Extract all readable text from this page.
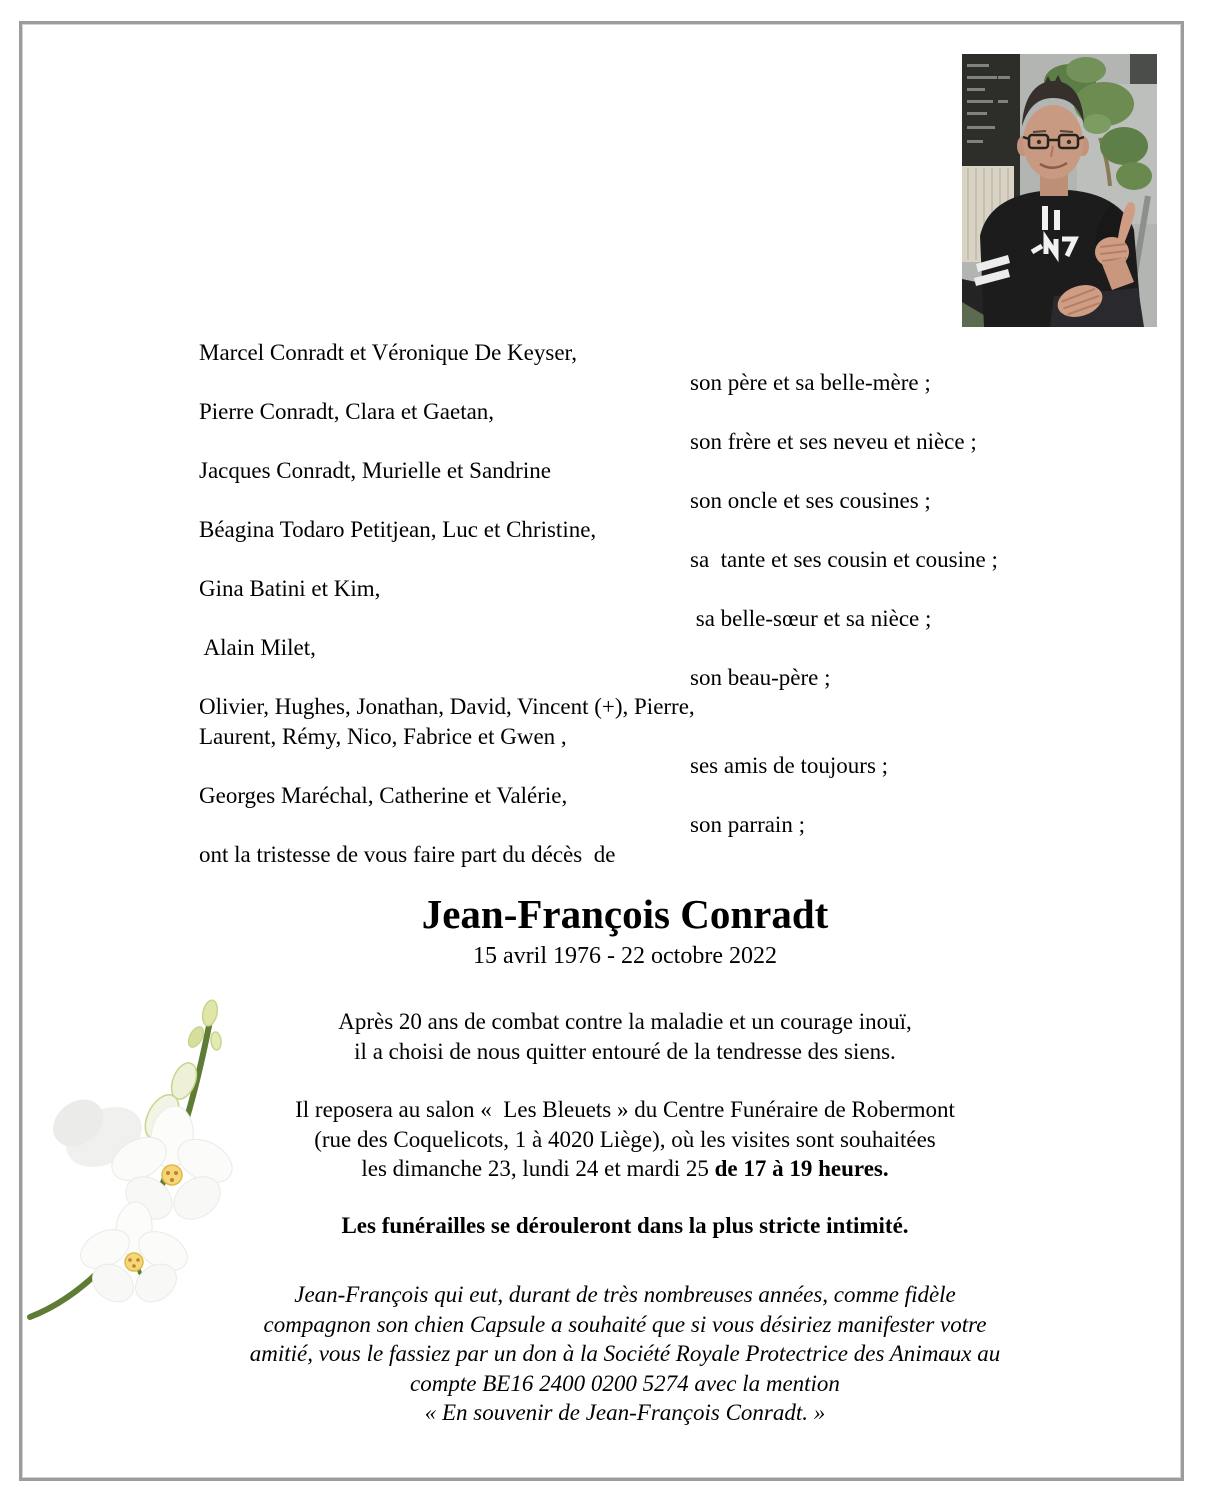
Marcel Conradt et Véronique De Keyser,
son père et sa belle-mère ;
Pierre Conradt, Clara et Gaetan,
son frère et ses neveu et nièce ;
Jacques Conradt, Murielle et Sandrine
son oncle et ses cousines ;
Béagina Todaro Petitjean, Luc et Christine,
sa  tante et ses cousin et cousine ;
Gina Batini et Kim,
sa belle-sœur et sa nièce ;
Alain Milet,
son beau-père ;
Olivier, Hughes, Jonathan, David, Vincent (+), Pierre,
Laurent, Rémy, Nico, Fabrice et Gwen ,
ses amis de toujours ;
Georges Maréchal, Catherine et Valérie,
son parrain ;
ont la tristesse de vous faire part du décès  de
Jean-François Conradt
15 avril 1976 - 22 octobre 2022
Après 20 ans de combat contre la maladie et un courage inouï,
il a choisi de nous quitter entouré de la tendresse des siens.
Il reposera au salon «  Les Bleuets » du Centre Funéraire de Robermont
(rue des Coquelicots, 1 à 4020 Liège), où les visites sont souhaitées
les dimanche 23, lundi 24 et mardi 25 de 17 à 19 heures.
Les funérailles se dérouleront dans la plus stricte intimité.
Jean-François qui eut, durant de très nombreuses années, comme fidèle
compagnon son chien Capsule a souhaité que si vous désiriez manifester votre
amitié, vous le fassiez par un don à la Société Royale Protectrice des Animaux au
compte BE16 2400 0200 5274 avec la mention
« En souvenir de Jean-François Conradt. »
